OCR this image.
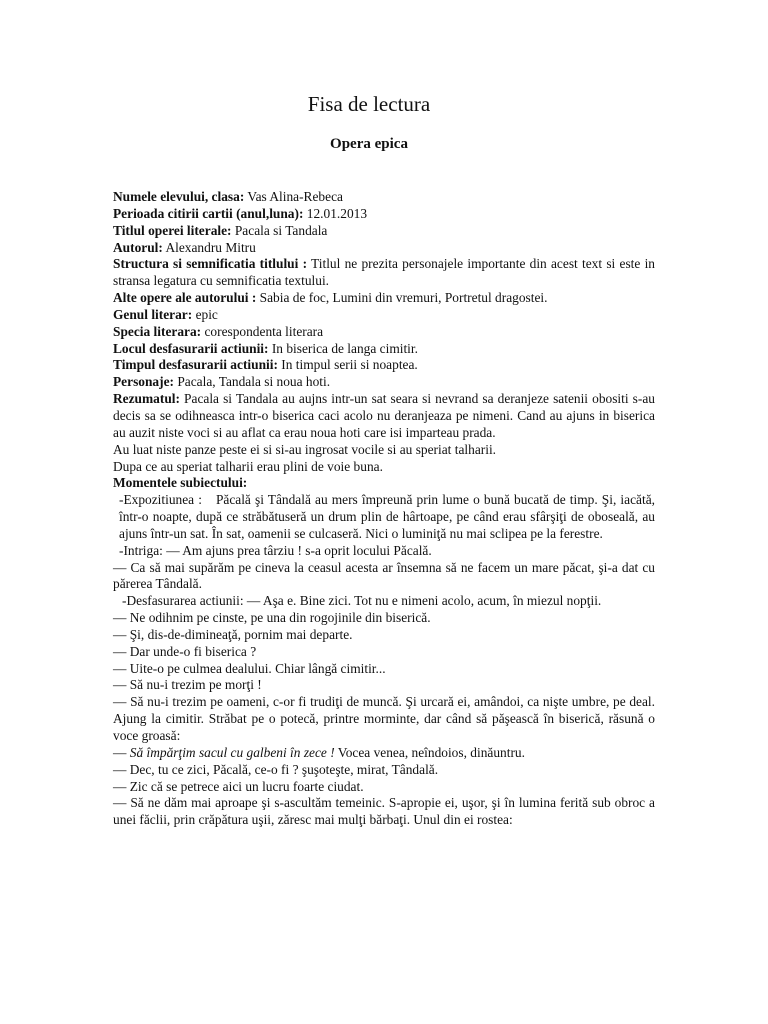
Fisa de lectura
Opera epica

Numele elevului, clasa: Vas Alina-Rebeca

Perioada citirii cartii (anul,luna): 12.01.2013

Titlul operei literale: Pacala si Tandala

Autorul: Alexandru Mitru

Structura si semnificatia titlului : Titlul ne prezita personajele importante din acest text si este in stransa legatura cu semnificatia textului.

Alte opere ale autorului : Sabia de foc, Lumini din vremuri, Portretul dragostei.

Genul literar: epic

Specia literara: corespondenta literara

Locul desfasurarii actiunii: In biserica de langa cimitir.

Timpul desfasurarii actiunii: In timpul serii si noaptea.

Personaje: Pacala, Tandala si noua hoti.

Rezumatul: Pacala si Tandala au aujns intr-un sat seara si nevrand sa deranjeze satenii obositi s-au decis sa se odihneasca intr-o biserica caci acolo nu deranjeaza pe nimeni. Cand au ajuns in biserica au auzit niste voci si au aflat ca erau noua hoti care isi imparteau prada.

Au luat niste panze peste ei si si-au ingrosat vocile si au speriat talharii.

Dupa ce au speriat talharii erau plini de voie buna.

Momentele subiectului:

-Expozitiunea : Păcală şi Tândală au mers împreună prin lume o bună bucată de timp. Şi, iacătă, într-o noapte, după ce străbătuseră un drum plin de hârtoape, pe când erau sfârşiţi de oboseală, au ajuns într-un sat. În sat, oamenii se culcaseră. Nici o luminiţă nu mai sclipea pe la ferestre.

-Intriga: — Am ajuns prea târziu ! s-a oprit locului Păcală.

— Ca să mai supărăm pe cineva la ceasul acesta ar însemna să ne facem un mare păcat, şi-a dat cu părerea Tândală.

-Desfasurarea actiunii: — Aşa e. Bine zici. Tot nu e nimeni acolo, acum, în miezul nopţii.

— Ne odihnim pe cinste, pe una din rogojinile din biserică.

— Şi, dis-de-dimineaţă, pornim mai departe.

— Dar unde-o fi biserica ?

— Uite-o pe culmea dealului. Chiar lângă cimitir...

— Să nu-i trezim pe morţi !

— Să nu-i trezim pe oameni, c-or fi trudiţi de muncă. Şi urcară ei, amândoi, ca nişte umbre, pe deal. Ajung la cimitir. Străbat pe o potecă, printre morminte, dar când să păşească în biserică, răsună o voce groasă:

— Să împărţim sacul cu galbeni în zece ! Vocea venea, neîndoios, dinăuntru.

— Dec, tu ce zici, Păcală, ce-o fi ? şuşoteşte, mirat, Tândală.

— Zic că se petrece aici un lucru foarte ciudat.

— Să ne dăm mai aproape şi s-ascultăm temeinic. S-apropie ei, uşor, şi în lumina ferită sub obroc a unei făclii, prin crăpătura uşii, zăresc mai mulţi bărbaţi. Unul din ei rostea:
